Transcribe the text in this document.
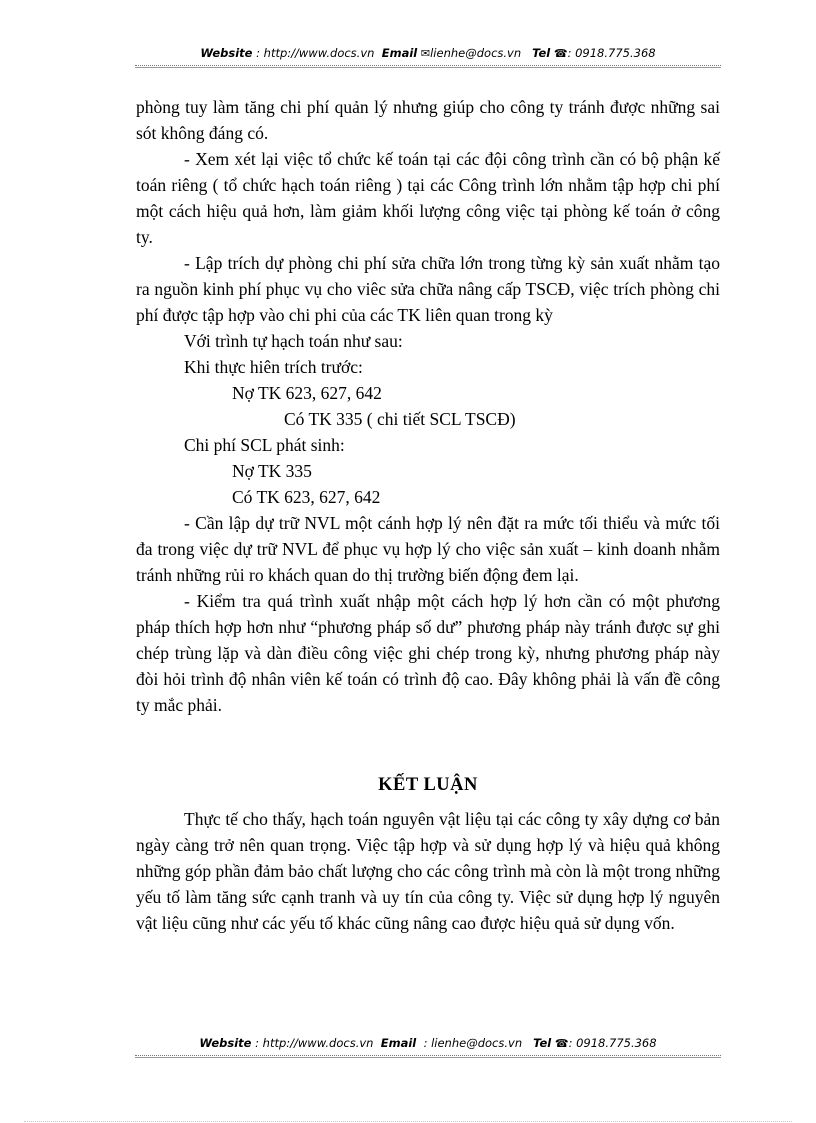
Website : http://www.docs.vn Email ✉lienhe@docs.vn Tel ☎: 0918.775.368

phòng tuy làm tăng chi phí quản lý nhưng giúp cho công ty tránh được những sai sót không đáng có.

- Xem xét lại việc tổ chức kế toán tại các đội công trình cần có bộ phận kế toán riêng ( tổ chức hạch toán riêng ) tại các Công trình lớn nhằm tập hợp chi phí một cách hiệu quả hơn, làm giảm khối lượng công việc tại phòng kế toán ở công ty.

- Lập trích dự phòng chi phí sửa chữa lớn trong từng kỳ sản xuất nhằm tạo ra nguồn kinh phí phục vụ cho viêc sửa chữa nâng cấp TSCĐ, việc trích phòng chi phí được tập hợp vào chi phi của các TK liên quan trong kỳ

Với trình tự hạch toán như sau:

Khi thực hiên trích trước:

Nợ TK 623, 627, 642

Có TK 335 ( chi tiết SCL TSCĐ)

Chi phí SCL phát sinh:

Nợ TK 335

Có TK 623, 627, 642

- Cần lập dự trữ NVL một cánh hợp lý nên đặt ra mức tối thiểu và mức tối đa trong việc dự trữ NVL để phục vụ hợp lý cho việc sản xuất – kinh doanh nhằm tránh những rủi ro khách quan do thị trường biến động đem lại.

- Kiểm tra quá trình xuất nhập một cách hợp lý hơn cần có một phương pháp thích hợp hơn như “phương pháp số dư” phương pháp này tránh được sự ghi chép trùng lặp và dàn điều công việc ghi chép trong kỳ, nhưng phương pháp này đòi hỏi trình độ nhân viên kế toán có trình độ cao. Đây không phải là vấn đề công ty mắc phải.

KẾT LUẬN

Thực tế cho thấy, hạch toán nguyên vật liệu tại các công ty xây dựng cơ bản ngày càng trở nên quan trọng. Việc tập hợp và sử dụng hợp lý và hiệu quả không những góp phần đảm bảo chất lượng cho các công trình mà còn là một trong những yếu tố làm tăng sức cạnh tranh và uy tín của công ty. Việc sử dụng hợp lý nguyên vật liệu cũng như các yếu tố khác cũng nâng cao được hiệu quả sử dụng vốn.

Website : http://www.docs.vn Email : lienhe@docs.vn Tel ☎: 0918.775.368
